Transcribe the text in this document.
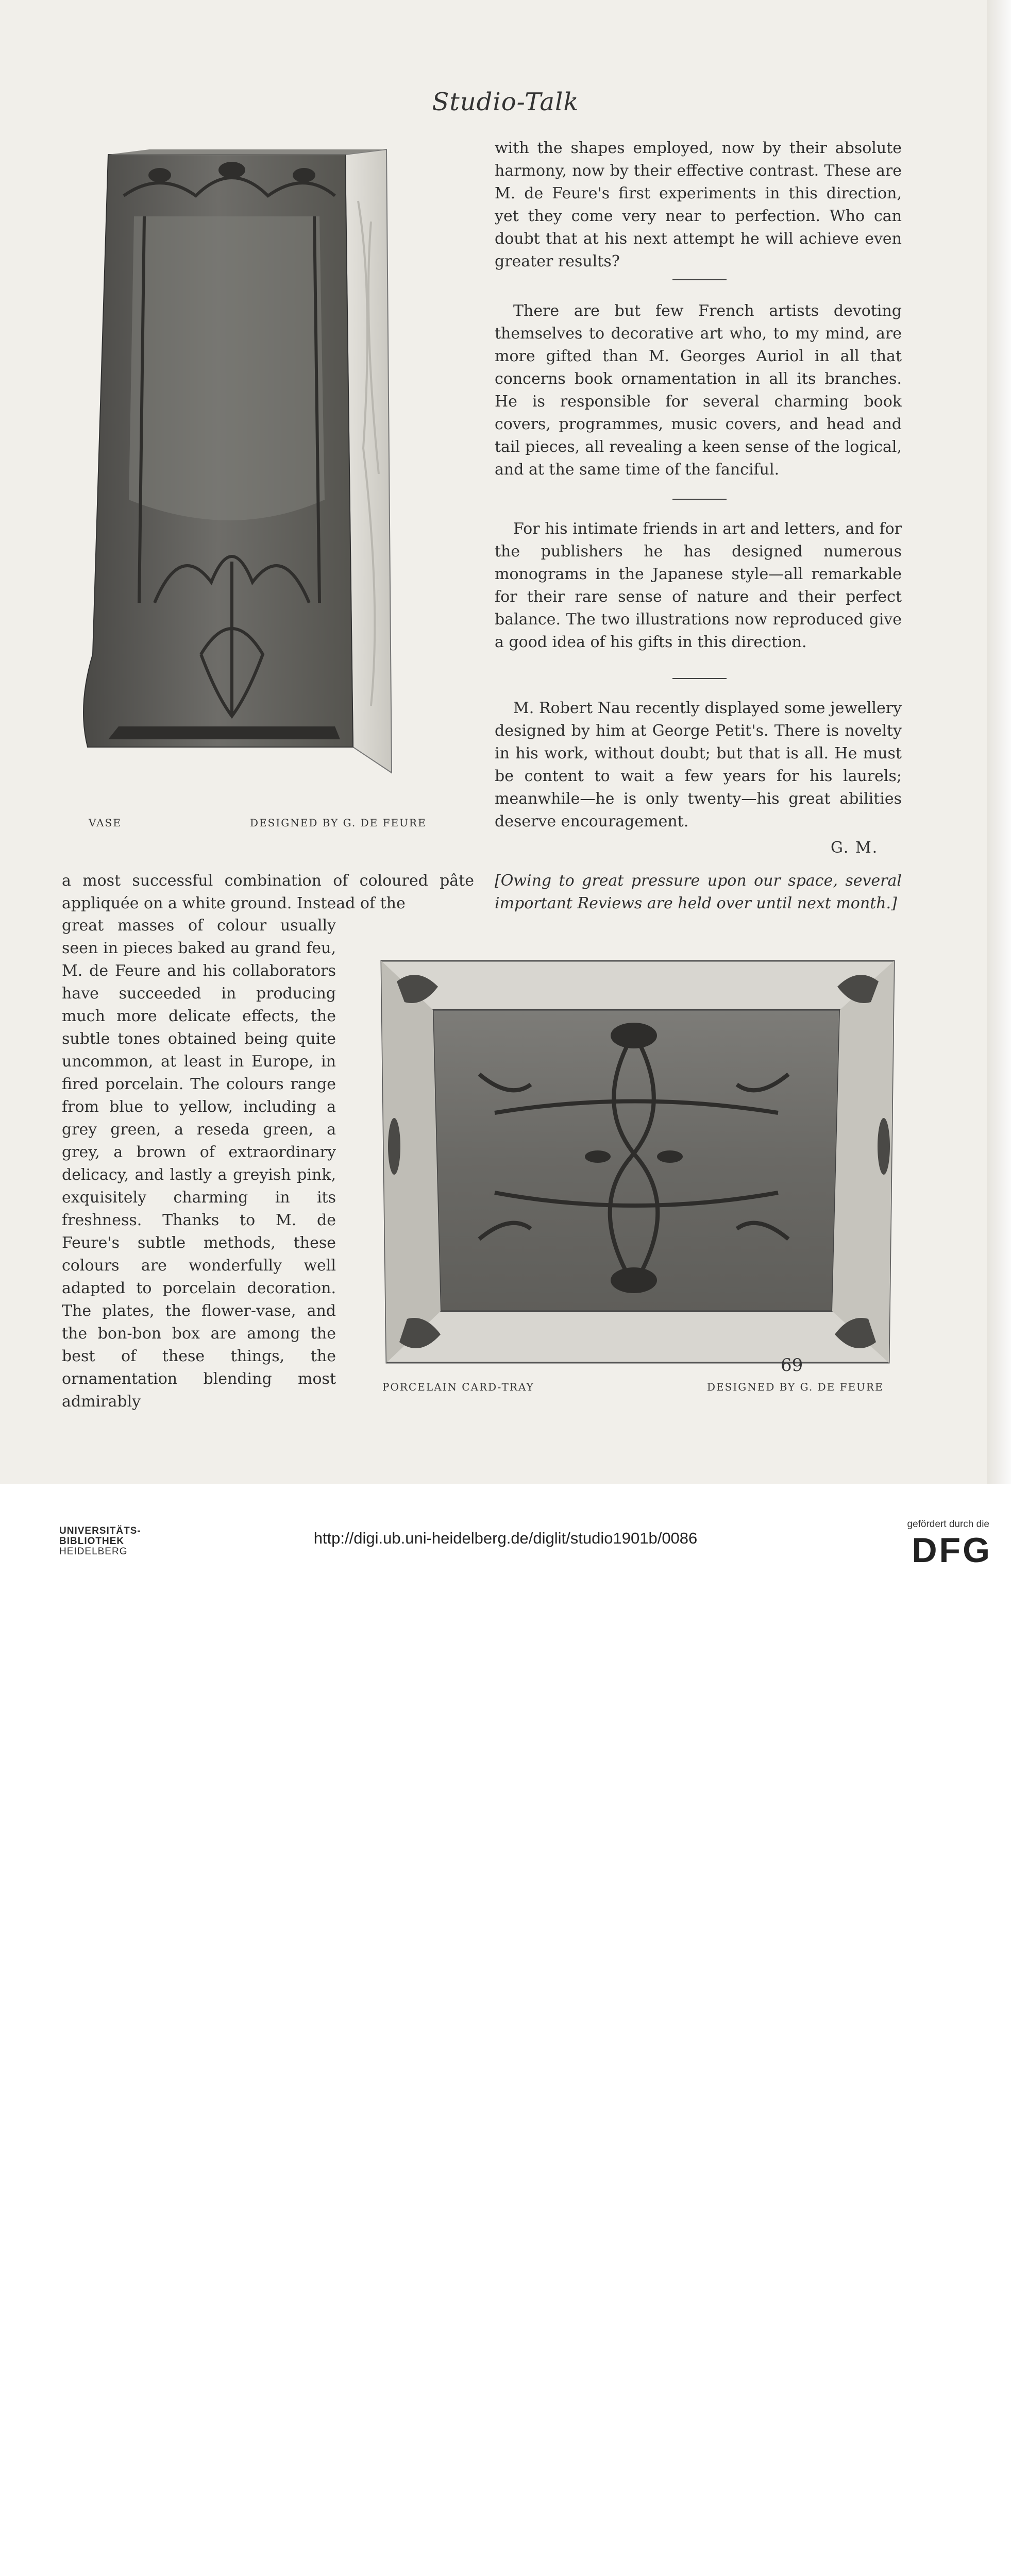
Studio-Talk
VASE	DESIGNED BY G. DE FEURE

with the shapes employed, now by their absolute harmony, now by their effective contrast. These are M. de Feure's first experiments in this direction, yet they come very near to perfection. Who can doubt that at his next attempt he will achieve even greater results?

There are but few French artists devoting themselves to decorative art who, to my mind, are more gifted than M. Georges Auriol in all that concerns book ornamentation in all its branches. He is responsible for several charming book covers, programmes, music covers, and head and tail pieces, all revealing a keen sense of the logical, and at the same time of the fanciful.

For his intimate friends in art and letters, and for the publishers he has designed numerous monograms in the Japanese style—all remarkable for their rare sense of nature and their perfect balance. The two illustrations now reproduced give a good idea of his gifts in this direction.

M. Robert Nau recently displayed some jewellery designed by him at George Petit's. There is novelty in his work, without doubt; but that is all. He must be content to wait a few years for his laurels; meanwhile—he is only twenty—his great abilities deserve encouragement.

G. M.

[Owing to great pressure upon our space, several important Reviews are held over until next month.]

a most successful combination of coloured pâte appliquée on a white ground. Instead of the

great masses of colour usually seen in pieces baked au grand feu, M. de Feure and his collaborators have succeeded in producing much more delicate effects, the subtle tones obtained being quite uncommon, at least in Europe, in fired porcelain. The colours range from blue to yellow, including a grey green, a reseda green, a grey, a brown of extraordinary delicacy, and lastly a greyish pink, exquisitely charming in its freshness. Thanks to M. de Feure's subtle methods, these colours are wonderfully well adapted to porcelain decoration. The plates, the flower-vase, and the bon-bon box are among the best of these things, the ornamentation blending most admirably

PORCELAIN CARD-TRAY	DESIGNED BY G. DE FEURE
69
UNIVERSITÄTS-
BIBLIOTHEK
HEIDELBERG
http://digi.ub.uni-heidelberg.de/diglit/studio1901b/0086
gefördert durch die
DFG
